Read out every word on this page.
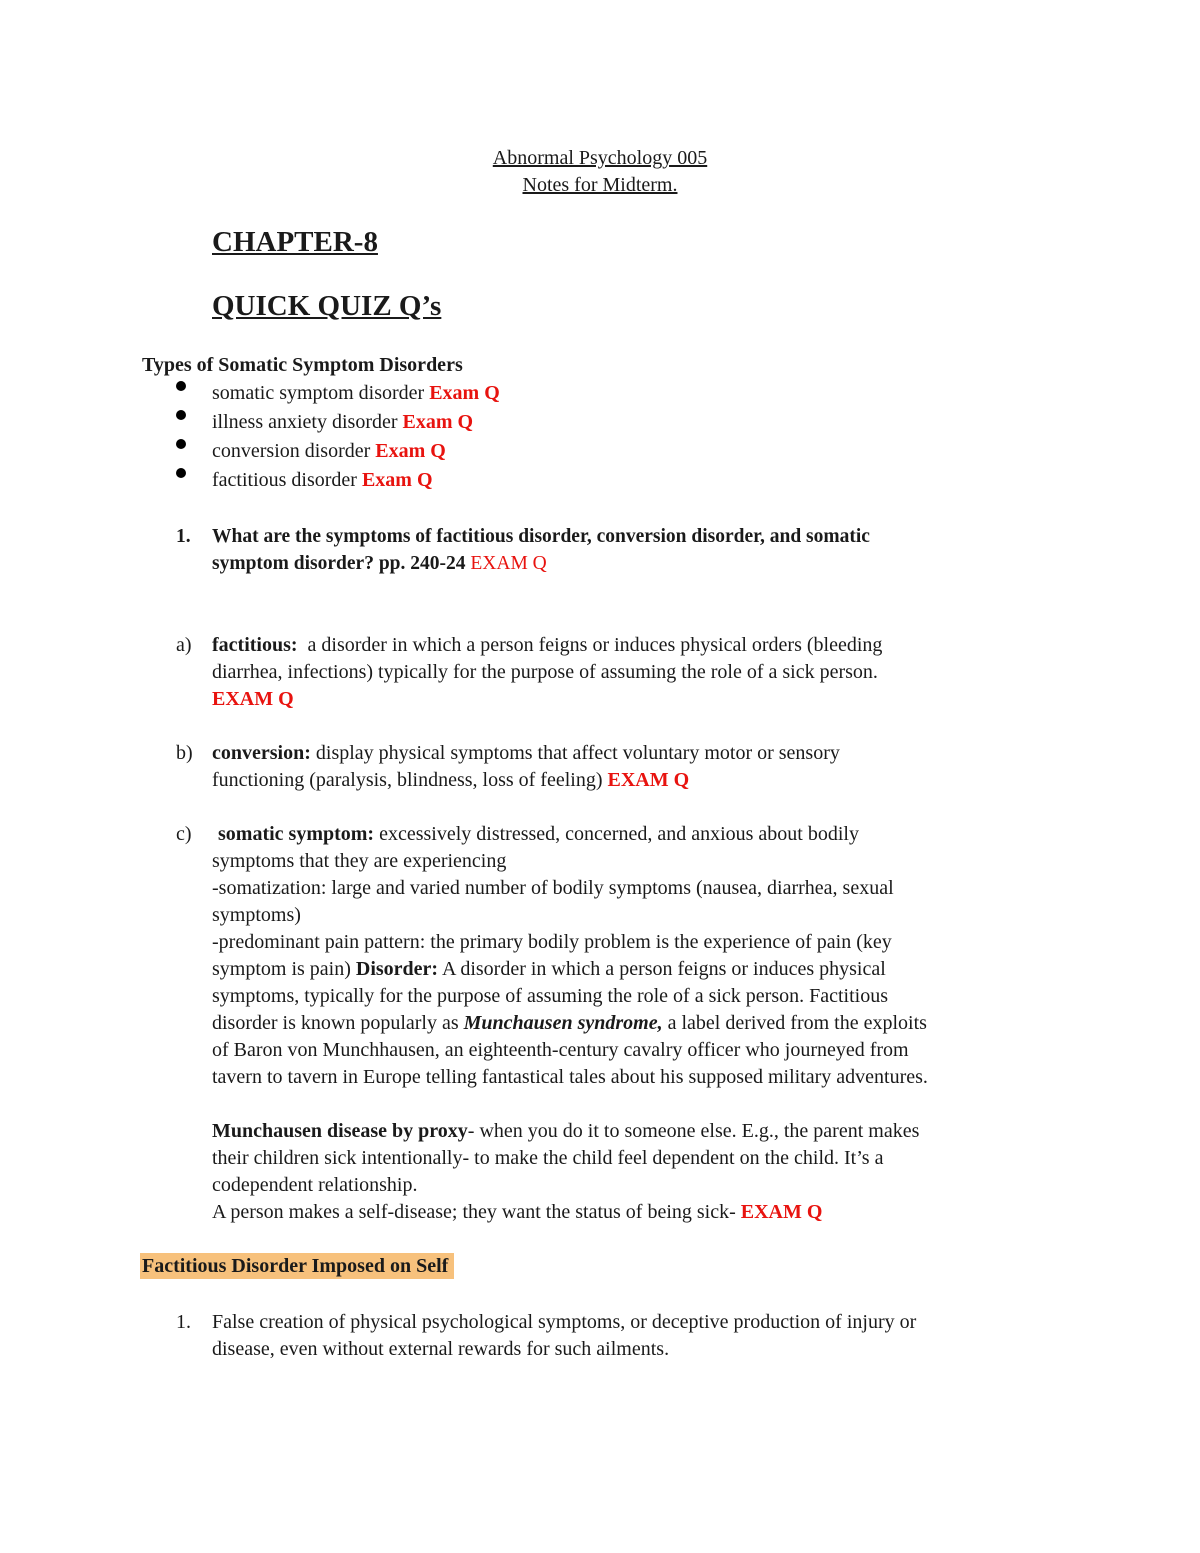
Abnormal Psychology 005
Notes for Midterm.
CHAPTER-8
QUICK QUIZ Q’s
Types of Somatic Symptom Disorders
somatic symptom disorder Exam Q
illness anxiety disorder Exam Q
conversion disorder Exam Q
factitious disorder Exam Q
1. What are the symptoms of factitious disorder, conversion disorder, and somatic
symptom disorder? pp. 240-24 EXAM Q
a) factitious: a disorder in which a person feigns or induces physical orders (bleeding
diarrhea, infections) typically for the purpose of assuming the role of a sick person.
EXAM Q
b) conversion: display physical symptoms that affect voluntary motor or sensory
functioning (paralysis, blindness, loss of feeling) EXAM Q
c) somatic symptom: excessively distressed, concerned, and anxious about bodily
symptoms that they are experiencing
-somatization: large and varied number of bodily symptoms (nausea, diarrhea, sexual
symptoms)
-predominant pain pattern: the primary bodily problem is the experience of pain (key
symptom is pain) Disorder: A disorder in which a person feigns or induces physical
symptoms, typically for the purpose of assuming the role of a sick person. Factitious
disorder is known popularly as Munchausen syndrome, a label derived from the exploits
of Baron von Munchhausen, an eighteenth-century cavalry officer who journeyed from
tavern to tavern in Europe telling fantastical tales about his supposed military adventures.
Munchausen disease by proxy- when you do it to someone else. E.g., the parent makes
their children sick intentionally- to make the child feel dependent on the child. It’s a
codependent relationship.
A person makes a self-disease; they want the status of being sick- EXAM Q
Factitious Disorder Imposed on Self
1. False creation of physical psychological symptoms, or deceptive production of injury or
disease, even without external rewards for such ailments.
